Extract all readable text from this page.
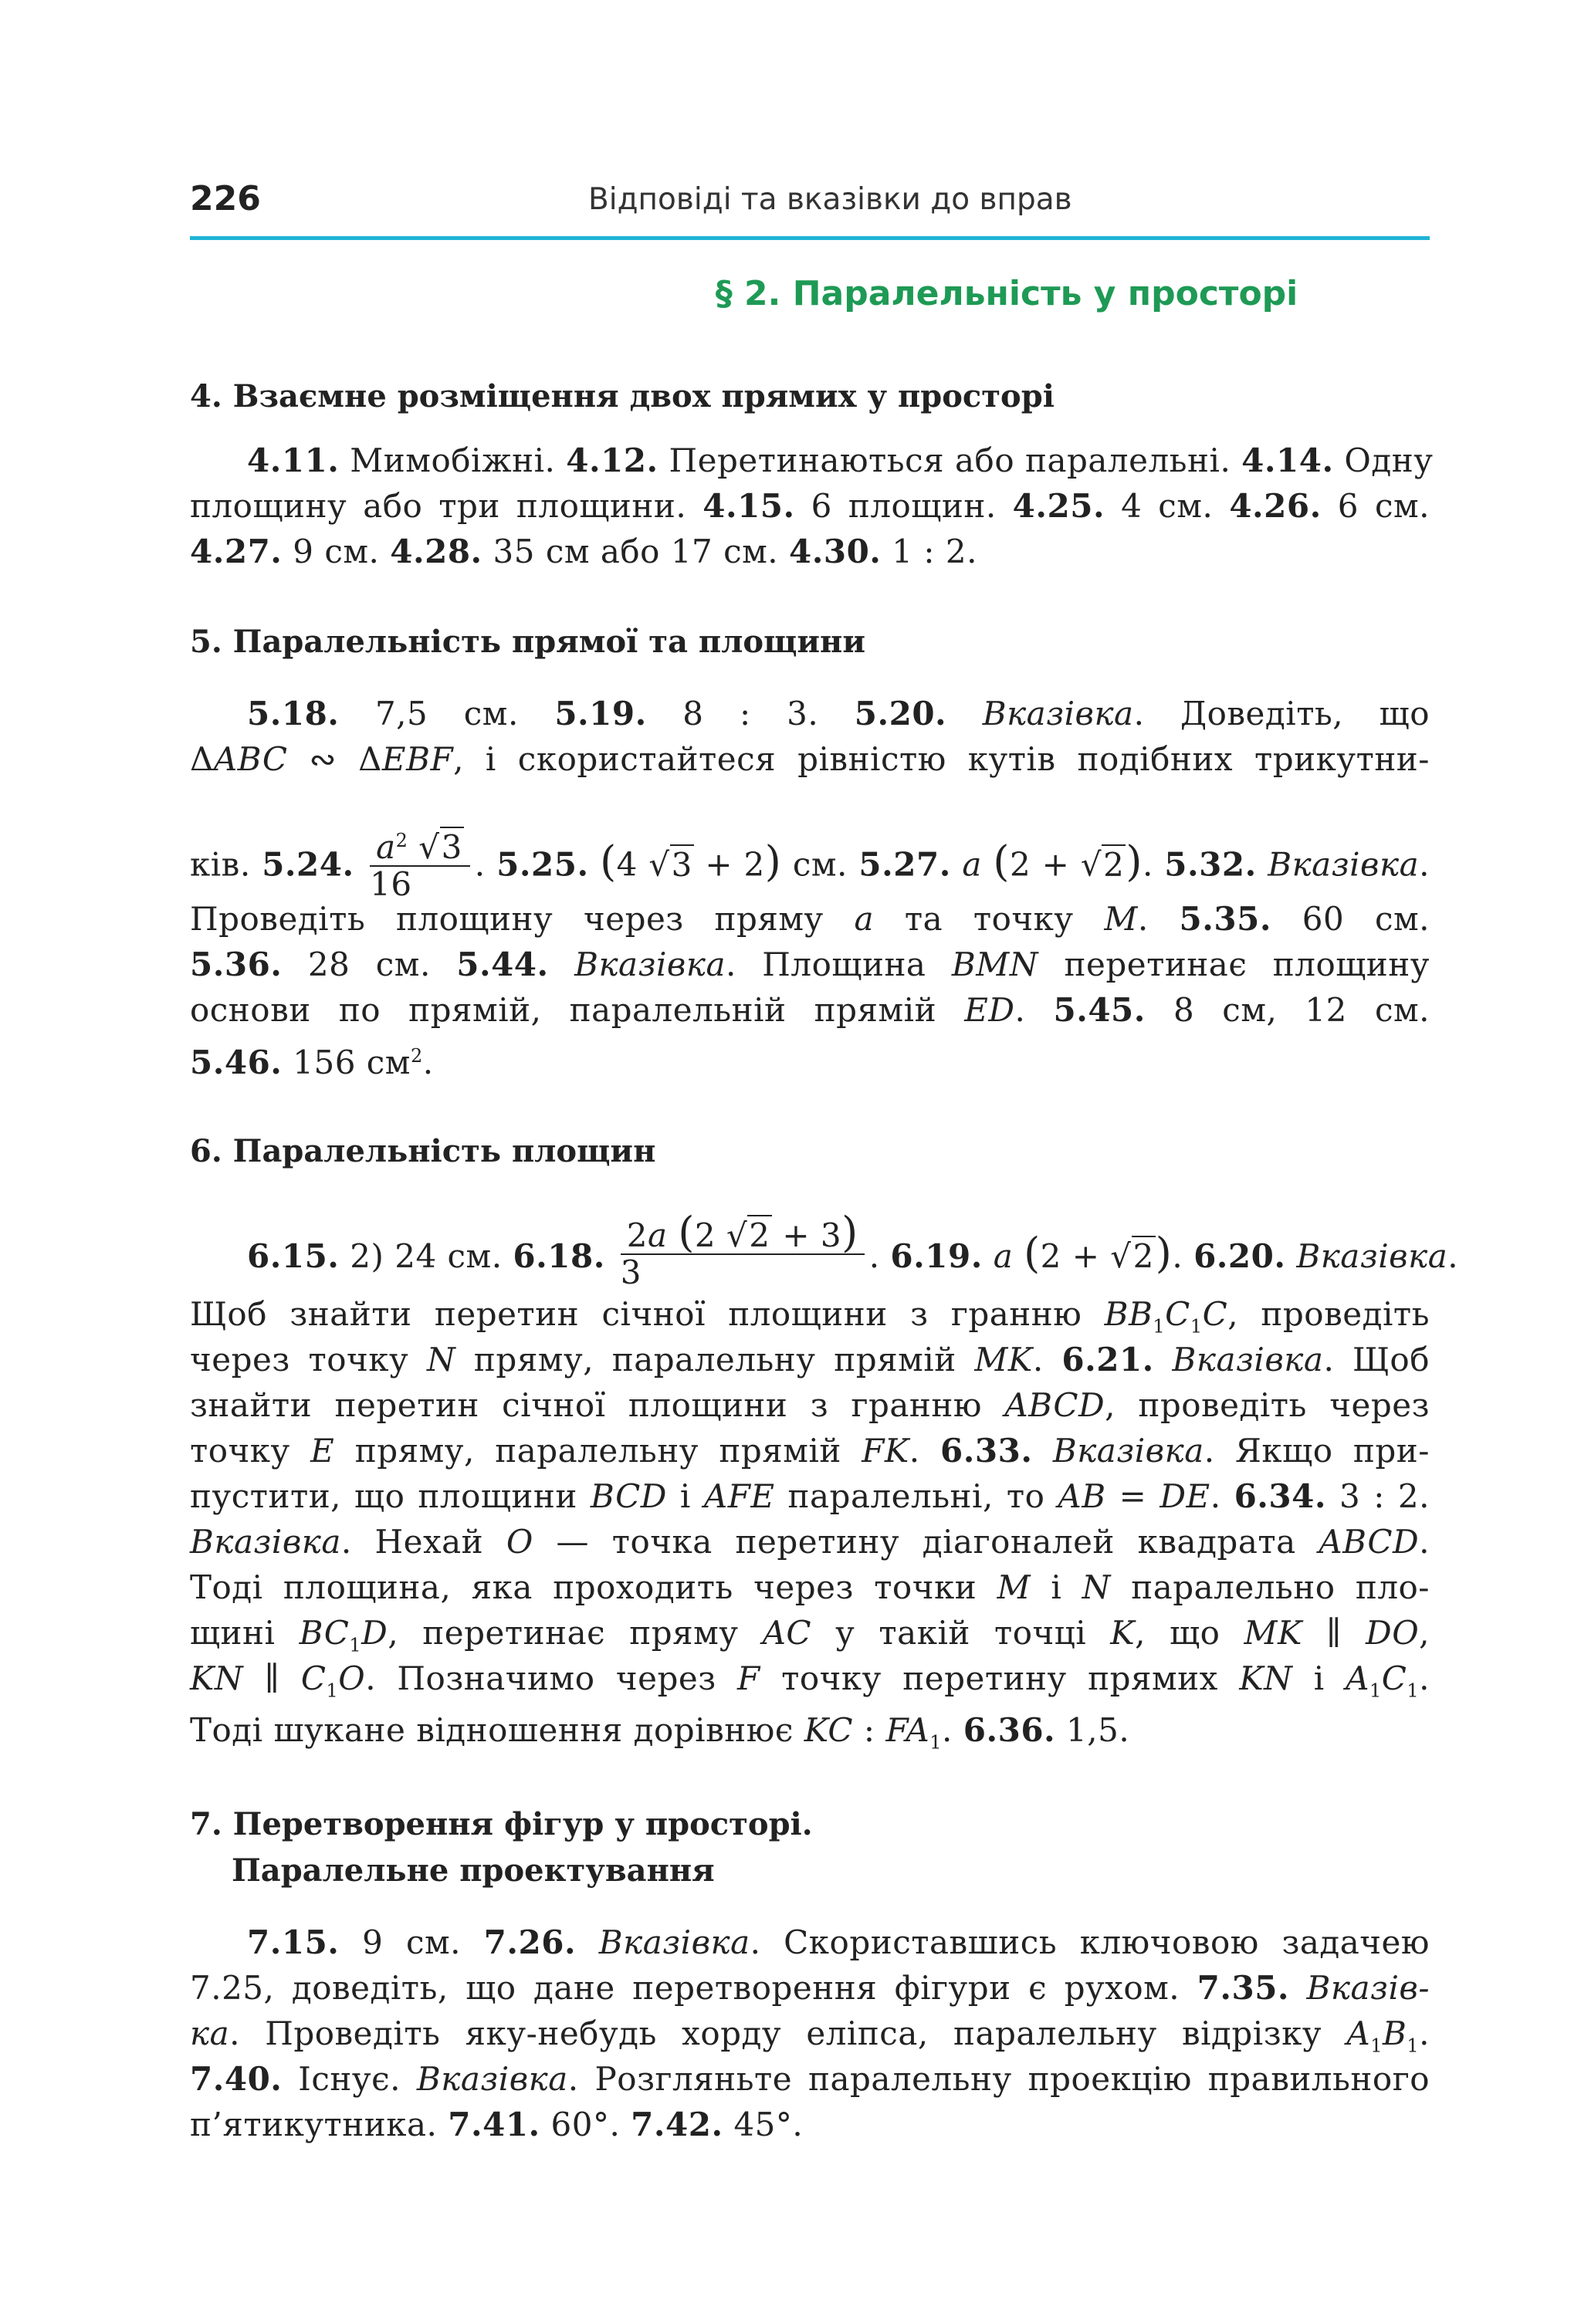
226	Відповіді та вказівки до вправ
§ 2. Паралельність у просторі
4. Взаємне розміщення двох прямих у просторі
4.11. Мимобіжні. 4.12. Перетинаються або паралельні. 4.14. Одну
площину або три площини. 4.15. 6 площин. 4.25. 4 см. 4.26. 6 см.
4.27. 9 см. 4.28. 35 см або 17 см. 4.30. 1 : 2.
5. Паралельність прямої та площини
5.18. 7,5 см. 5.19. 8 : 3. 5.20. Вказівка. Доведіть, що
ΔABC ∾ ΔEBF, і скористайтеся рівністю кутів подібних трикутни-
ків. 5.24. $\frac{a^2 √3}{16}$ . 5.25. (4 √3 + 2) см. 5.27. a (2 + √2). 5.32. Вказівка.
Проведіть площину через пряму a та точку M. 5.35. 60 см.
5.36. 28 см. 5.44. Вказівка. Площина BMN перетинає площину
основи по прямій, паралельній прямій ED. 5.45. 8 см, 12 см.
5.46. 156 $см^2$.
6. Паралельність площин
6.15. 2) 24 см. 6.18. $\frac{2a (2 √2 + 3)}{3}$ . 6.19. a (2 + √2). 6.20. Вказівка.
Щоб знайти перетин січної площини з гранню $BB_1C_1C$, проведіть
через точку N пряму, паралельну прямій MK. 6.21. Вказівка. Щоб
знайти перетин січної площини з гранню ABCD, проведіть через
точку E пряму, паралельну прямій FK. 6.33. Вказівка. Якщо при-
пустити, що площини BCD і AFE паралельні, то AB = DE. 6.34. 3 : 2.
Вказівка. Нехай O — точка перетину діагоналей квадрата ABCD.
Тоді площина, яка проходить через точки M і N паралельно пло-
щині $BC_1D$, перетинає пряму AC у такій точці K, що MK ∥ DO,
KN ∥ $C_1O$. Позначимо через F точку перетину прямих KN і $A_1C_1$.
Тоді шукане відношення дорівнює KC : $FA_1$. 6.36. 1,5.
7. Перетворення фігур у просторі.
Паралельне проектування
7.15. 9 см. 7.26. Вказівка. Скориставшись ключовою задачею
7.25, доведіть, що дане перетворення фігури є рухом. 7.35. Вказів-
ка. Проведіть яку-небудь хорду еліпса, паралельну відрізку $A_1B_1$.
7.40. Існує. Вказівка. Розгляньте паралельну проекцію правильного
п’ятикутника. 7.41. 60°. 7.42. 45°.
